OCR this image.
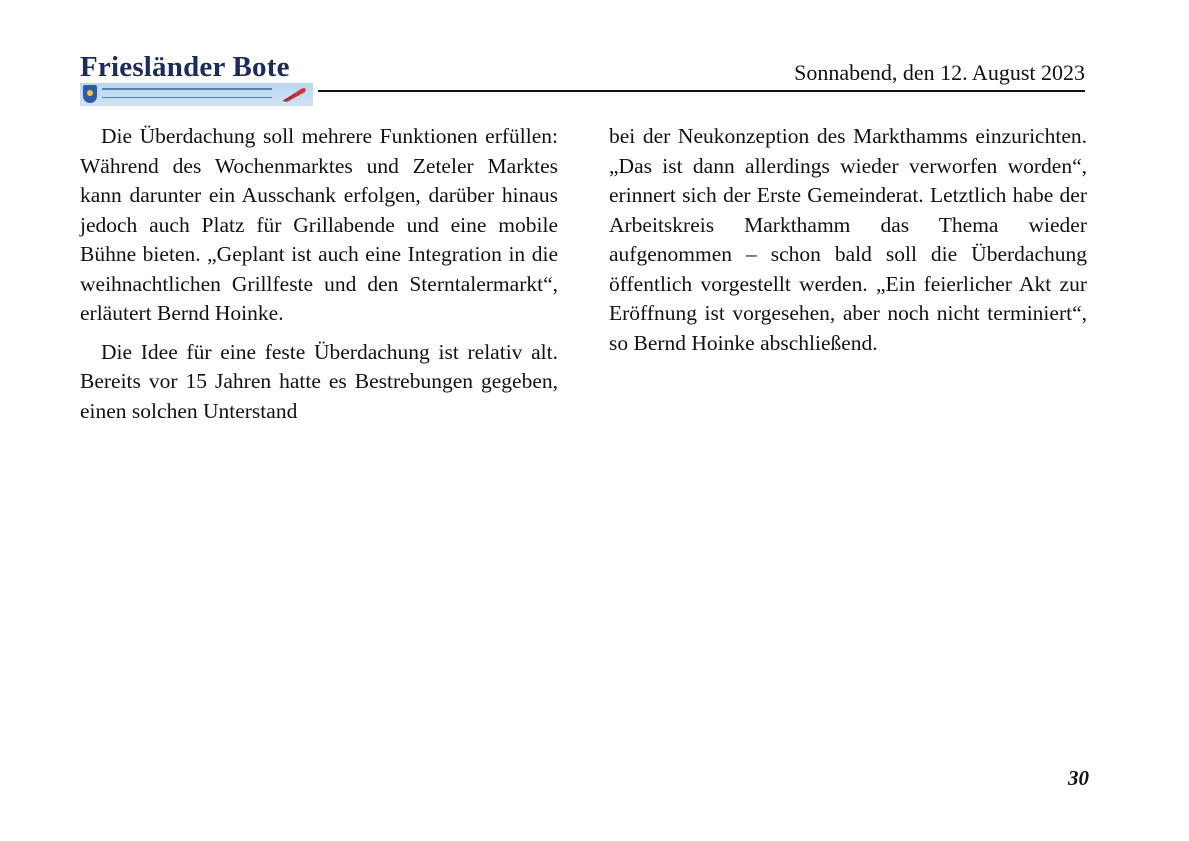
Friesländer Bote	Sonnabend, den 12. August 2023

Die Überdachung soll mehrere Funktionen erfüllen: Während des Wochenmarktes und Zeteler Marktes kann darunter ein Ausschank erfolgen, darüber hinaus jedoch auch Platz für Grillabende und eine mobile Bühne bieten. „Geplant ist auch eine Integration in die weihnachtlichen Grillfeste und den Sterntalermarkt“, erläutert Bernd Hoinke.

Die Idee für eine feste Überdachung ist relativ alt. Bereits vor 15 Jahren hatte es Bestrebungen gegeben, einen solchen Unterstand

bei der Neukonzeption des Markthamms einzurichten. „Das ist dann allerdings wieder verworfen worden“, erinnert sich der Erste Gemeinderat. Letztlich habe der Arbeitskreis Markthamm das Thema wieder aufgenommen – schon bald soll die Überdachung öffentlich vorgestellt werden. „Ein feierlicher Akt zur Eröffnung ist vorgesehen, aber noch nicht terminiert“, so Bernd Hoinke abschließend.

30
